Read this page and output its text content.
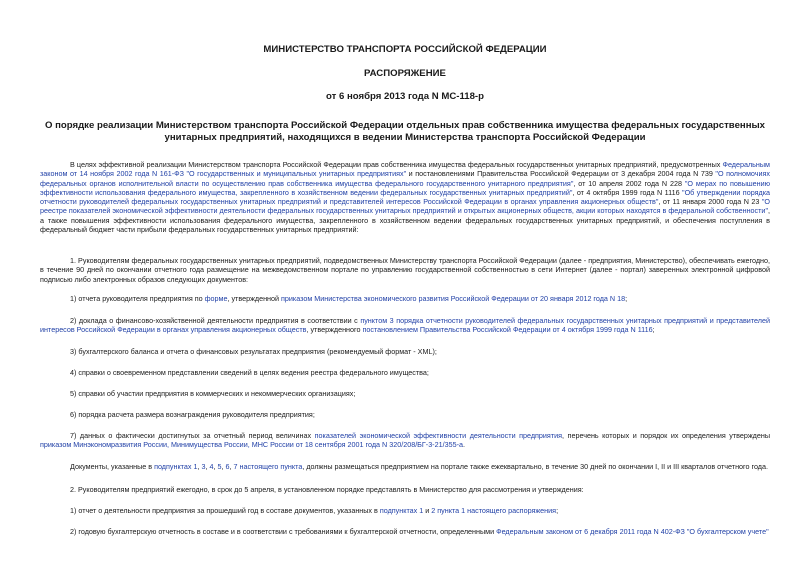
МИНИСТЕРСТВО ТРАНСПОРТА РОССИЙСКОЙ ФЕДЕРАЦИИ
РАСПОРЯЖЕНИЕ
от 6 ноября 2013 года N МС-118-р
О порядке реализации Министерством транспорта Российской Федерации отдельных прав собственника имущества федеральных государственных унитарных предприятий, находящихся в ведении Министерства транспорта Российской Федерации

В целях эффективной реализации Министерством транспорта Российской Федерации прав собственника имущества федеральных государственных унитарных предприятий, предусмотренных Федеральным законом от 14 ноября 2002 года N 161-ФЗ "О государственных и муниципальных унитарных предприятиях" и постановлениями Правительства Российской Федерации от 3 декабря 2004 года N 739 "О полномочиях федеральных органов исполнительной власти по осуществлению прав собственника имущества федерального государственного унитарного предприятия", от 10 апреля 2002 года N 228 "О мерах по повышению эффективности использования федерального имущества, закрепленного в хозяйственном ведении федеральных государственных унитарных предприятий", от 4 октября 1999 года N 1116 "Об утверждении порядка отчетности руководителей федеральных государственных унитарных предприятий и представителей интересов Российской Федерации в органах управления акционерных обществ", от 11 января 2000 года N 23 "О реестре показателей экономической эффективности деятельности федеральных государственных унитарных предприятий и открытых акционерных обществ, акции которых находятся в федеральной собственности", а также повышения эффективности использования федерального имущества, закрепленного в хозяйственном ведении федеральных государственных унитарных предприятий, и обеспечения поступления в федеральный бюджет части прибыли федеральных государственных унитарных предприятий:

1. Руководителям федеральных государственных унитарных предприятий, подведомственных Министерству транспорта Российской Федерации (далее - предприятия, Министерство), обеспечивать ежегодно, в течение 90 дней по окончании отчетного года размещение на межведомственном портале по управлению государственной собственностью в сети Интернет (далее - портал) заверенных электронной цифровой подписью либо электронных образов следующих документов:

1) отчета руководителя предприятия по форме, утвержденной приказом Министерства экономического развития Российской Федерации от 20 января 2012 года N 18;

2) доклада о финансово-хозяйственной деятельности предприятия в соответствии с пунктом 3 порядка отчетности руководителей федеральных государственных унитарных предприятий и представителей интересов Российской Федерации в органах управления акционерных обществ, утвержденного постановлением Правительства Российской Федерации от 4 октября 1999 года N 1116;

3) бухгалтерского баланса и отчета о финансовых результатах предприятия (рекомендуемый формат - XML);

4) справки о своевременном представлении сведений в целях ведения реестра федерального имущества;

5) справки об участии предприятия в коммерческих и некоммерческих организациях;

6) порядка расчета размера вознаграждения руководителя предприятия;

7) данных о фактически достигнутых за отчетный период величинах показателей экономической эффективности деятельности предприятия, перечень которых и порядок их определения утверждены приказом Минэкономразвития России, Минимущества России, МНС России от 18 сентября 2001 года N 320/208/БГ-3-21/355-а.

Документы, указанные в подпунктах 1, 3, 4, 5, 6, 7 настоящего пункта, должны размещаться предприятием на портале также ежеквартально, в течение 30 дней по окончании I, II и III кварталов отчетного года.

2. Руководителям предприятий ежегодно, в срок до 5 апреля, в установленном порядке представлять в Министерство для рассмотрения и утверждения:

1) отчет о деятельности предприятия за прошедший год в составе документов, указанных в подпунктах 1 и 2 пункта 1 настоящего распоряжения;

2) годовую бухгалтерскую отчетность в составе и в соответствии с требованиями к бухгалтерской отчетности, определенными Федеральным законом от 6 декабря 2011 года N 402-ФЗ "О бухгалтерском учете"
